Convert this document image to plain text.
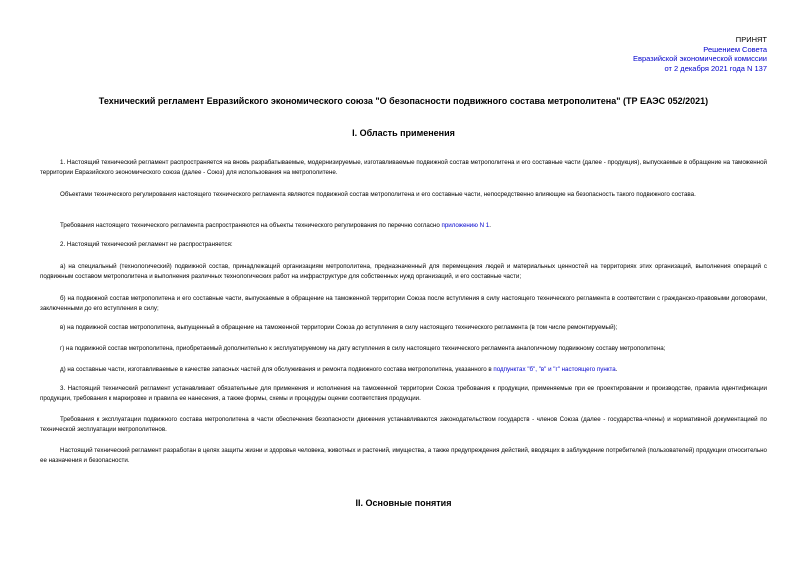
ПРИНЯТ
Решением Совета
Евразийской экономической комиссии
от 2 декабря 2021 года N 137
Технический регламент Евразийского экономического союза "О безопасности подвижного состава метрополитена" (ТР ЕАЭС 052/2021)
I. Область применения
1. Настоящий технический регламент распространяется на вновь разрабатываемые, модернизируемые, изготавливаемые подвижной состав метрополитена и его составные части (далее - продукция), выпускаемые в обращение на таможенной территории Евразийского экономического союза (далее - Союз) для использования на метрополитене.
Объектами технического регулирования настоящего технического регламента являются подвижной состав метрополитена и его составные части, непосредственно влияющие на безопасность такого подвижного состава.
Требования настоящего технического регламента распространяются на объекты технического регулирования по перечню согласно приложению N 1.
2. Настоящий технический регламент не распространяется:
а) на специальный (технологический) подвижной состав, принадлежащий организациям метрополитена, предназначенный для перемещения людей и материальных ценностей на территориях этих организаций, выполнения операций с подвижным составом метрополитена и выполнения различных технологических работ на инфраструктуре для собственных нужд организаций, и его составные части;
б) на подвижной состав метрополитена и его составные части, выпускаемые в обращение на таможенной территории Союза после вступления в силу настоящего технического регламента в соответствии с гражданско-правовыми договорами, заключенными до его вступления в силу;
в) на подвижной состав метрополитена, выпущенный в обращение на таможенной территории Союза до вступления в силу настоящего технического регламента (в том числе ремонтируемый);
г) на подвижной состав метрополитена, приобретаемый дополнительно к эксплуатируемому на дату вступления в силу настоящего технического регламента аналогичному подвижному составу метрополитена;
д) на составные части, изготавливаемые в качестве запасных частей для обслуживания и ремонта подвижного состава метрополитена, указанного в подпунктах "б", "в" и "г" настоящего пункта.
3. Настоящий технический регламент устанавливает обязательные для применения и исполнения на таможенной территории Союза требования к продукции, применяемые при ее проектировании и производстве, правила идентификации продукции, требования к маркировке и правила ее нанесения, а также формы, схемы и процедуры оценки соответствия продукции.
Требования к эксплуатации подвижного состава метрополитена в части обеспечения безопасности движения устанавливаются законодательством государств - членов Союза (далее - государства-члены) и нормативной документацией по технической эксплуатации метрополитенов.
Настоящий технический регламент разработан в целях защиты жизни и здоровья человека, животных и растений, имущества, а также предупреждения действий, вводящих в заблуждение потребителей (пользователей) продукции относительно ее назначения и безопасности.
II. Основные понятия
